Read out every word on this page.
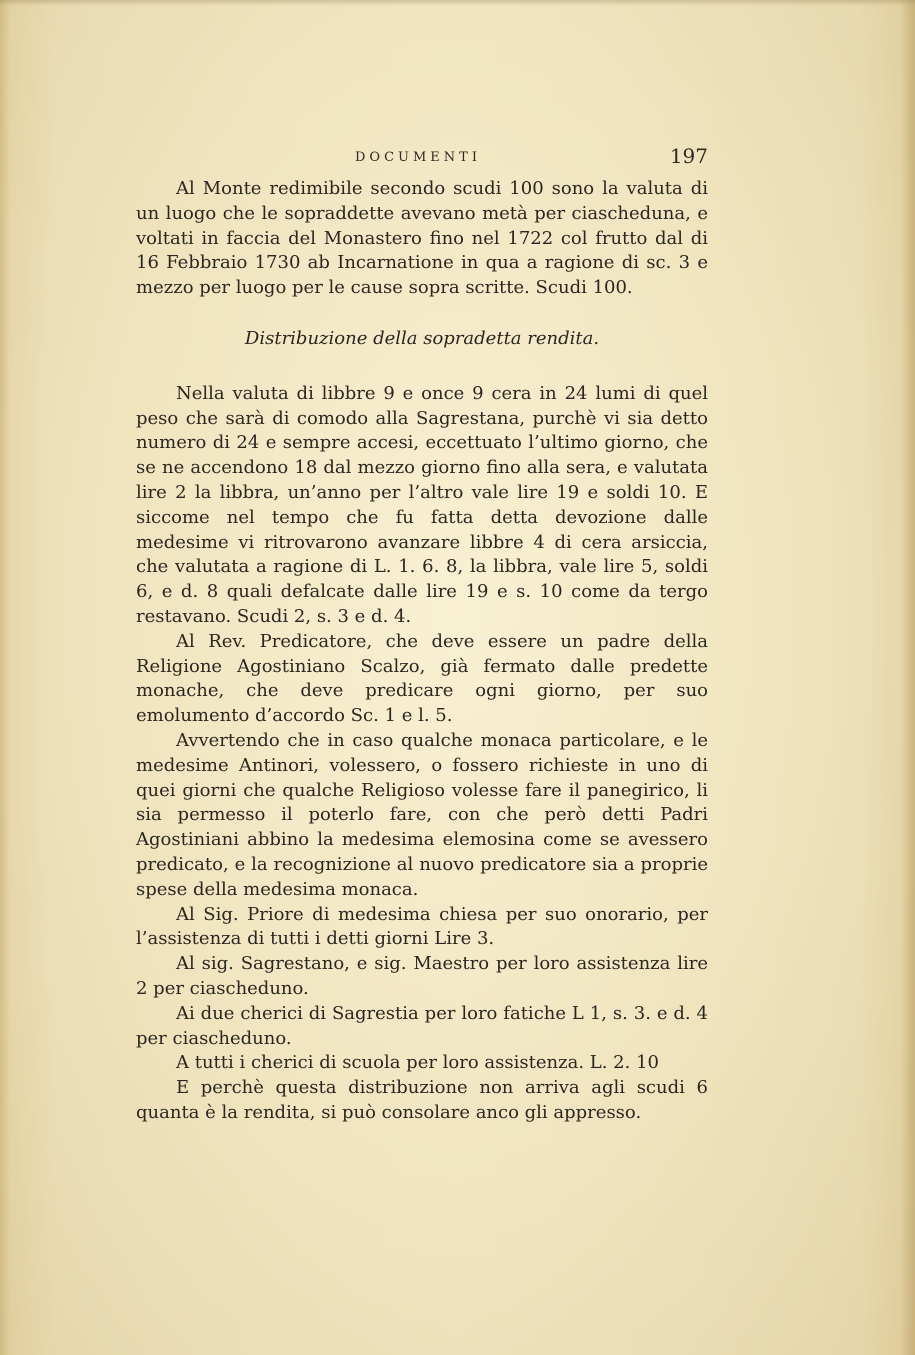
DOCUMENTI	197

Al Monte redimibile secondo scudi 100 sono la valuta di un luogo che le sopraddette avevano metà per ciascheduna, e voltati in faccia del Monastero fino nel 1722 col frutto dal di 16 Febbraio 1730 ab Incarnatione in qua a ragione di sc. 3 e mezzo per luogo per le cause sopra scritte. Scudi 100.

Distribuzione della sopradetta rendita.

Nella valuta di libbre 9 e once 9 cera in 24 lumi di quel peso che sarà di comodo alla Sagrestana, purchè vi sia detto numero di 24 e sempre accesi, eccettuato l’ultimo giorno, che se ne accendono 18 dal mezzo giorno fino alla sera, e valutata lire 2 la libbra, un’anno per l’altro vale lire 19 e soldi 10. E siccome nel tempo che fu fatta detta devozione dalle medesime vi ritrovarono avanzare libbre 4 di cera arsiccia, che valutata a ragione di L. 1. 6. 8, la libbra, vale lire 5, soldi 6, e d. 8 quali defalcate dalle lire 19 e s. 10 come da tergo restavano. Scudi 2, s. 3 e d. 4.

Al Rev. Predicatore, che deve essere un padre della Religione Agostiniano Scalzo, già fermato dalle predette monache, che deve predicare ogni giorno, per suo emolumento d’accordo Sc. 1 e l. 5.

Avvertendo che in caso qualche monaca particolare, e le medesime Antinori, volessero, o fossero richieste in uno di quei giorni che qualche Religioso volesse fare il panegirico, li sia permesso il poterlo fare, con che però detti Padri Agostiniani abbino la medesima elemosina come se avessero predicato, e la recognizione al nuovo predicatore sia a proprie spese della medesima monaca.

Al Sig. Priore di medesima chiesa per suo onorario, per l’assistenza di tutti i detti giorni Lire 3.

Al sig. Sagrestano, e sig. Maestro per loro assistenza lire 2 per ciascheduno.

Ai due cherici di Sagrestia per loro fatiche L 1, s. 3. e d. 4 per ciascheduno.

A tutti i cherici di scuola per loro assistenza. L. 2. 10

E perchè questa distribuzione non arriva agli scudi 6 quanta è la rendita, si può consolare anco gli appresso.
